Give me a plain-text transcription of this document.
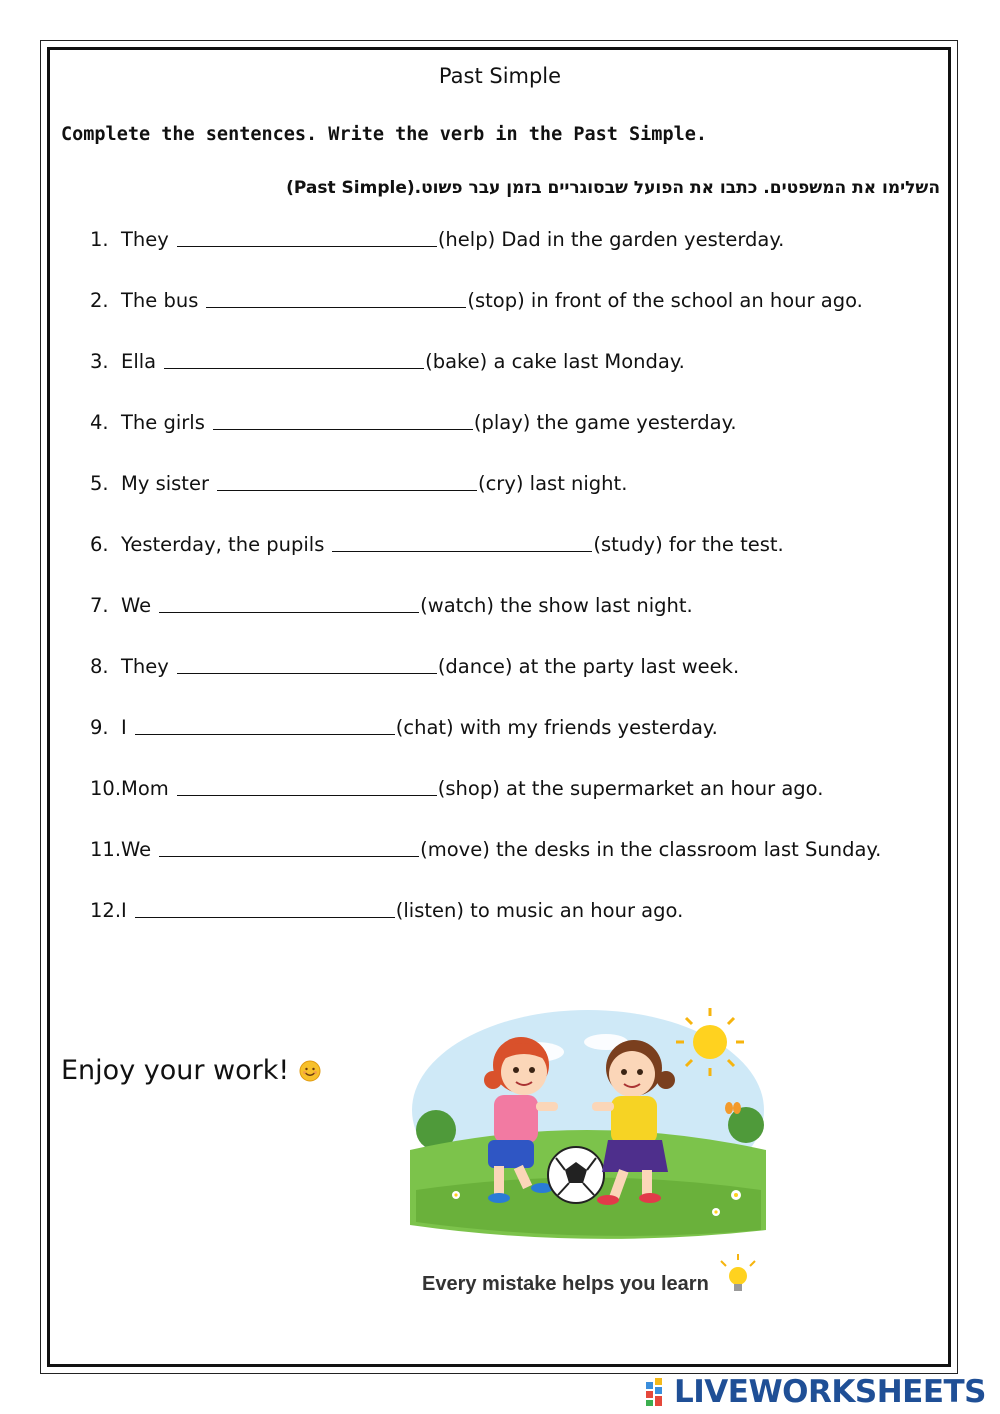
Past Simple
Complete the sentences. Write the verb in the Past Simple.
השלימו את המשפטים. כתבו את הפועל שבסוגריים בזמן עבר פשוט.(Past Simple)
1. They	(help) Dad in the garden yesterday.
2. The bus	(stop) in front of the school an hour ago.
3. Ella	(bake) a cake last Monday.
4. The girls	(play) the game yesterday.
5. My sister	(cry) last night.
6. Yesterday, the pupils	(study) for the test.
7. We	(watch) the show last night.
8. They	(dance) at the party last week.
9. I	(chat) with my friends yesterday.
10. Mom	(shop) at the supermarket an hour ago.
11. We	(move) the desks in the classroom last Sunday.
12. I	(listen) to music an hour ago.
Enjoy your work!
Every mistake helps you learn
LIVEWORKSHEETS
